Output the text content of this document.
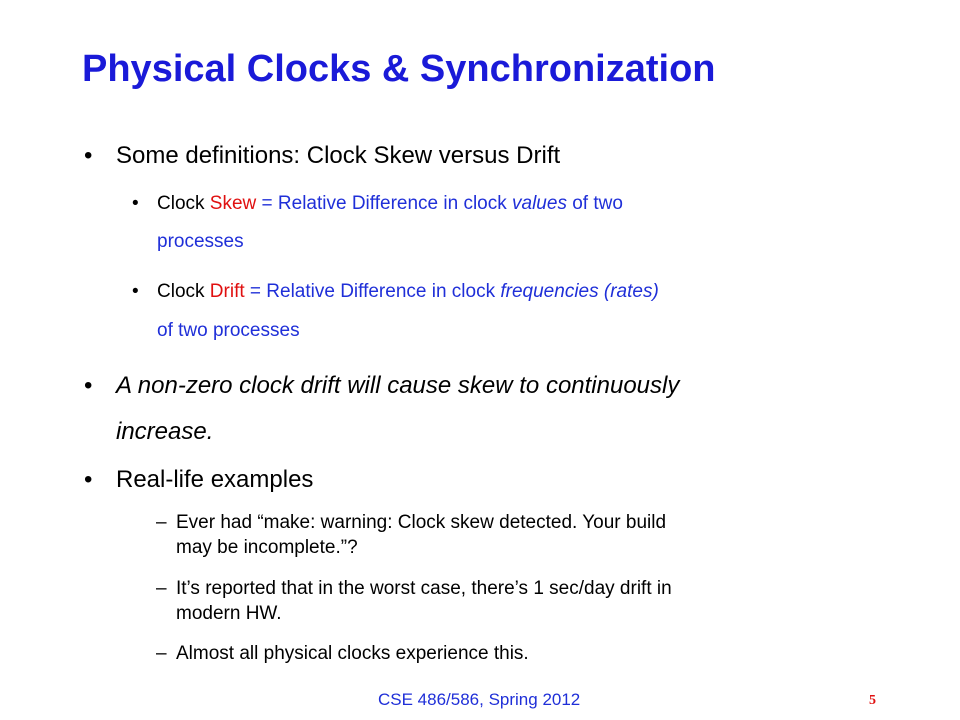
Physical Clocks & Synchronization
• Some definitions: Clock Skew versus Drift
• Clock Skew = Relative Difference in clock values of two
processes
• Clock Drift = Relative Difference in clock frequencies (rates)
of two processes
• A non-zero clock drift will cause skew to continuously
increase.
• Real-life examples
– Ever had “make: warning: Clock skew detected. Your build
may be incomplete.”?
– It’s reported that in the worst case, there’s 1 sec/day drift in
modern HW.
– Almost all physical clocks experience this.
CSE 486/586, Spring 2012	5
